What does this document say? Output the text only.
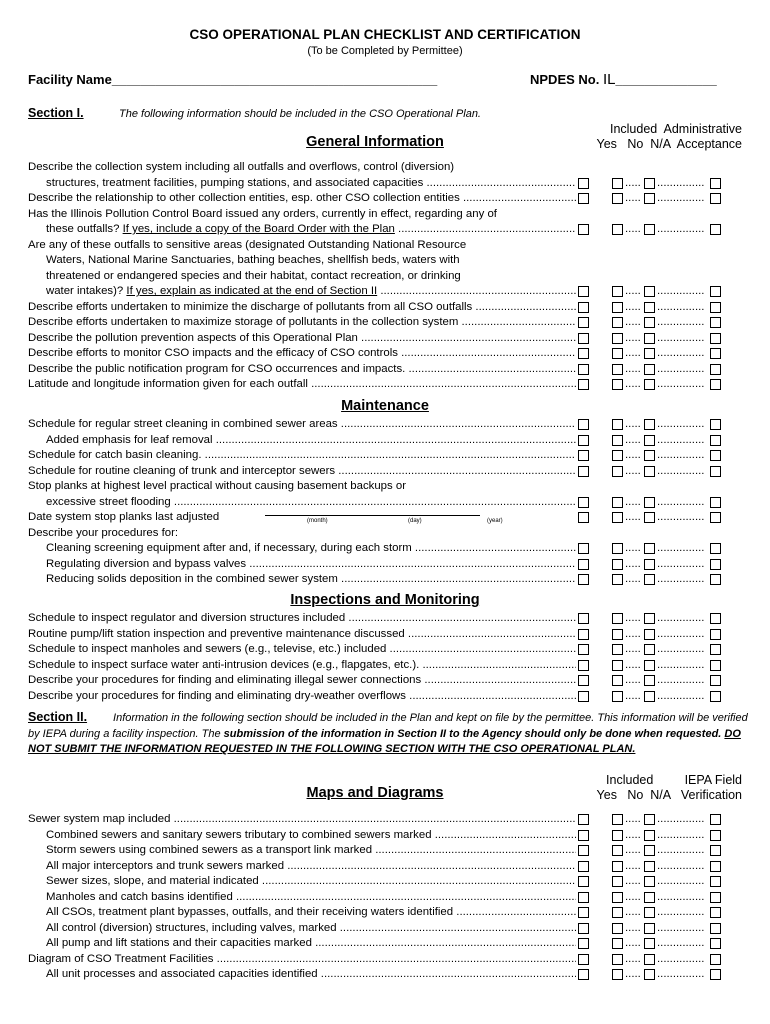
CSO OPERATIONAL PLAN CHECKLIST AND CERTIFICATION
(To be Completed by Permittee)
Facility Name_____________________________________________	NPDES No. IL______________
Section I.	The following information should be included in the CSO Operational Plan.
Included  Administrative
Yes   No  N/A  Acceptance
General Information
Describe the collection system including all outfalls and overflows, control (diversion)
structures, treatment facilities, pumping stations, and associated capacities .....	..... ...............
Describe the relationship to other collection entities, esp. other CSO collection entities .....	..... ...............
Has the Illinois Pollution Control Board issued any orders, currently in effect, regarding any of
these outfalls? If yes, include a copy of the Board Order with the Plan .....	..... ...............
Are any of these outfalls to sensitive areas (designated Outstanding National Resource
Waters, National Marine Sanctuaries, bathing beaches, shellfish beds, waters with
threatened or endangered species and their habitat, contact recreation, or drinking
water intakes)? If yes, explain as indicated at the end of Section II .....	..... ...............
Describe efforts undertaken to minimize the discharge of pollutants from all CSO outfalls .....	..... ...............
Describe efforts undertaken to maximize storage of pollutants in the collection system .....	..... ...............
Describe the pollution prevention aspects of this Operational Plan .....	..... ...............
Describe efforts to monitor CSO impacts and the efficacy of CSO controls .....	..... ...............
Describe the public notification program for CSO occurrences and impacts. .....	..... ...............
Latitude and longitude information given for each outfall .....	..... ...............
Maintenance
Schedule for regular street cleaning in combined sewer areas .....	..... ...............
Added emphasis for leaf removal .....	..... ...............
Schedule for catch basin cleaning. .....	..... ...............
Schedule for routine cleaning of trunk and interceptor sewers .....	..... ...............
Stop planks at highest level practical without causing basement backups or
excessive street flooding .....	..... ...............
Date system stop planks last adjusted	..... ...............
Describe your procedures for:
Cleaning screening equipment after and, if necessary, during each storm .....	..... ...............
Regulating diversion and bypass valves .....	..... ...............
Reducing solids deposition in the combined sewer system .....	..... ...............
(month)	(day)	(year)
Inspections and Monitoring
Schedule to inspect regulator and diversion structures included .....	..... ...............
Routine pump/lift station inspection and preventive maintenance discussed .....	..... ...............
Schedule to inspect manholes and sewers (e.g., televise, etc.) included .....	..... ...............
Schedule to inspect surface water anti-intrusion devices (e.g., flapgates, etc.). .....	..... ...............
Describe your procedures for finding and eliminating illegal sewer connections .....	..... ...............
Describe your procedures for finding and eliminating dry-weather overflows .....	..... ...............
Section II. Information in the following section should be included in the Plan and kept on file by the permittee. This information will be verified by IEPA during a facility inspection. The submission of the information in Section II to the Agency should only be done when requested. DO NOT SUBMIT THE INFORMATION REQUESTED IN THE FOLLOWING SECTION WITH THE CSO OPERATIONAL PLAN.
Included         IEPA Field
Yes   No  N/A   Verification
Maps and Diagrams
Sewer system map included .....	..... ...............
Combined sewers and sanitary sewers tributary to combined sewers marked .....	..... ...............
Storm sewers using combined sewers as a transport link marked .....	..... ...............
All major interceptors and trunk sewers marked .....	..... ...............
Sewer sizes, slope, and material indicated .....	..... ...............
Manholes and catch basins identified .....	..... ...............
All CSOs, treatment plant bypasses, outfalls, and their receiving waters identified .....	..... ...............
All control (diversion) structures, including valves, marked .....	..... ...............
All pump and lift stations and their capacities marked .....	..... ...............
Diagram of CSO Treatment Facilities .....	..... ...............
All unit processes and associated capacities identified .....	..... ...............
